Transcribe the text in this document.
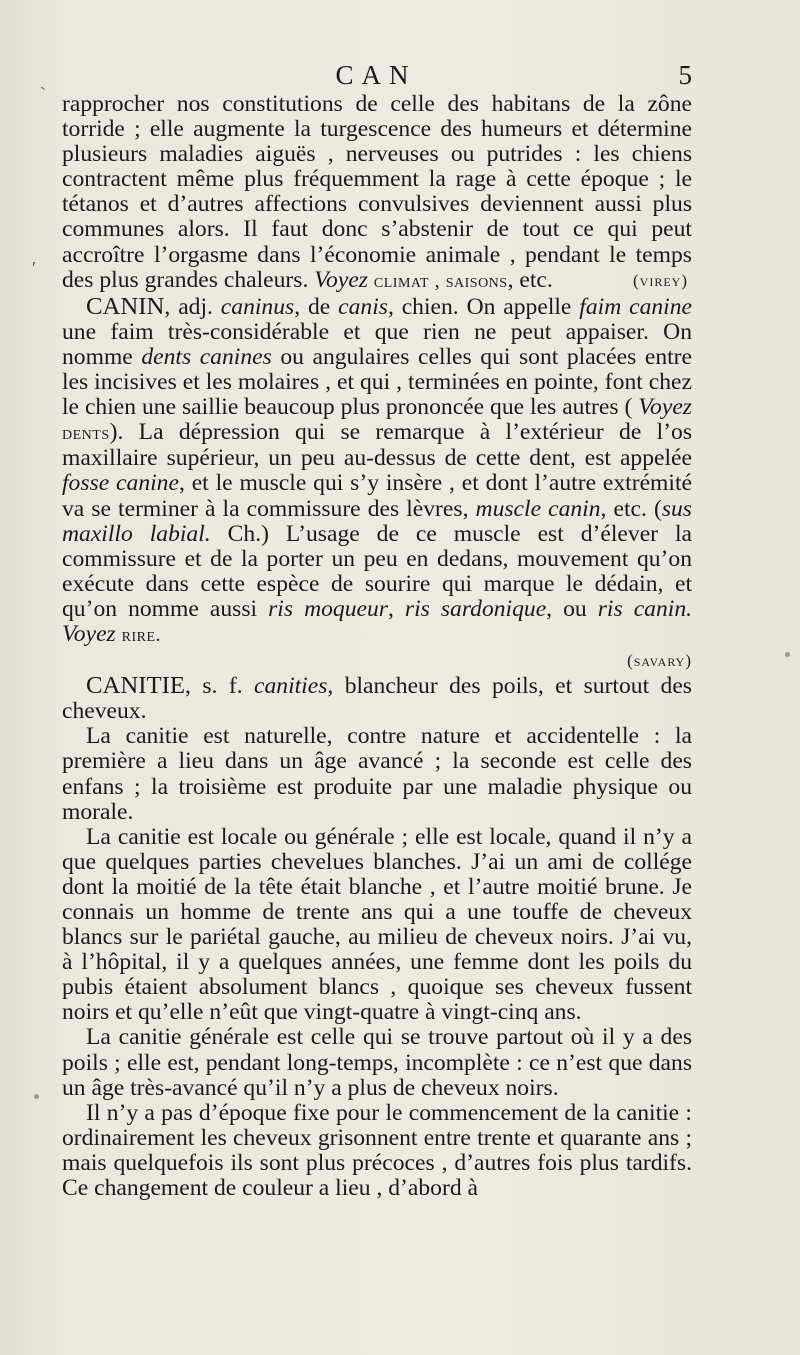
CAN	5
ˋ
′

rapprocher nos constitutions de celle des habitans de la zône torride ; elle augmente la turgescence des humeurs et détermine plusieurs maladies aiguës , nerveuses ou putrides : les chiens contractent même plus fréquemment la rage à cette époque ; le tétanos et d’autres affections convulsives deviennent aussi plus communes alors. Il faut donc s’abstenir de tout ce qui peut accroître l’orgasme dans l’économie animale , pendant le temps des plus grandes chaleurs. Voyez climat , saisons, etc.	(virey)

CANIN, adj. caninus, de canis, chien. On appelle faim canine une faim très-considérable et que rien ne peut appaiser. On nomme dents canines ou angulaires celles qui sont placées entre les incisives et les molaires , et qui , terminées en pointe, font chez le chien une saillie beaucoup plus prononcée que les autres ( Voyez dents). La dépression qui se remarque à l’extérieur de l’os maxillaire supérieur, un peu au-dessus de cette dent, est appelée fosse canine, et le muscle qui s’y insère , et dont l’autre extrémité va se terminer à la commissure des lèvres, muscle canin, etc. (sus maxillo labial. Ch.) L’usage de ce muscle est d’élever la commissure et de la porter un peu en dedans, mouvement qu’on exécute dans cette espèce de sourire qui marque le dédain, et qu’on nomme aussi ris moqueur, ris sardonique, ou ris canin. Voyez rire.

(savary)

CANITIE, s. f. canities, blancheur des poils, et surtout des cheveux.

La canitie est naturelle, contre nature et accidentelle : la première a lieu dans un âge avancé ; la seconde est celle des enfans ; la troisième est produite par une maladie physique ou morale.

La canitie est locale ou générale ; elle est locale, quand il n’y a que quelques parties chevelues blanches. J’ai un ami de collége dont la moitié de la tête était blanche , et l’autre moitié brune. Je connais un homme de trente ans qui a une touffe de cheveux blancs sur le pariétal gauche, au milieu de cheveux noirs. J’ai vu, à l’hôpital, il y a quelques années, une femme dont les poils du pubis étaient absolument blancs , quoique ses cheveux fussent noirs et qu’elle n’eût que vingt-quatre à vingt-cinq ans.

La canitie générale est celle qui se trouve partout où il y a des poils ; elle est, pendant long-temps, incomplète : ce n’est que dans un âge très-avancé qu’il n’y a plus de cheveux noirs.

Il n’y a pas d’époque fixe pour le commencement de la canitie : ordinairement les cheveux grisonnent entre trente et quarante ans ; mais quelquefois ils sont plus précoces , d’autres fois plus tardifs. Ce changement de couleur a lieu , d’abord à
